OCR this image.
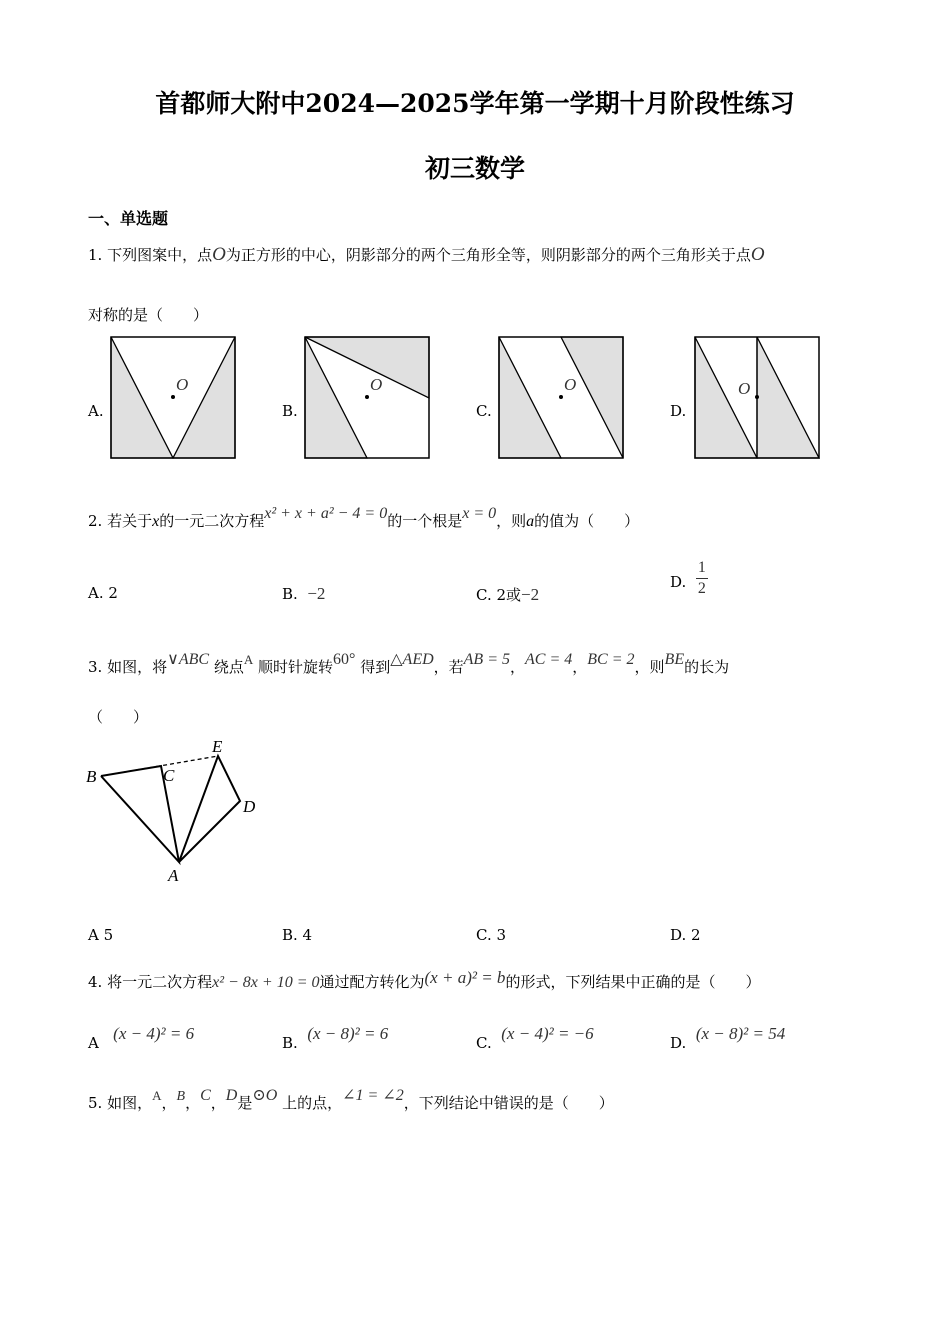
首都师大附中2024—2025学年第一学期十月阶段性练习
初三数学
一、单选题
1. 下列图案中，点O为正方形的中心，阴影部分的两个三角形全等，则阴影部分的两个三角形关于点O
对称的是（　　）
A.	B.	C.	D.
O	O	O	O
2. 若关于x的一元二次方程x² + x + a² − 4 = 0的一个根是x = 0，则a的值为（　　）
A. 2	B. −2	C. 2或−2
D. $\frac{1}{2}$
3. 如图，将∨ABC 绕点A 顺时针旋转60° 得到△AED，若AB = 5，AC = 4，BC = 2，则BE的长为
（　　）
B	C
E
D
A
A 5	B. 4	C. 3	D. 2
4. 将一元二次方程x² − 8x + 10 = 0通过配方转化为(x + a)² = b的形式，下列结果中正确的是（　　）
A (x − 4)² = 6	B. (x − 8)² = 6	C. (x − 4)² = −6	D. (x − 8)² = 54
5. 如图，A，B，C，D是⊙O 上的点，∠1 = ∠2，下列结论中错误的是（　　）
